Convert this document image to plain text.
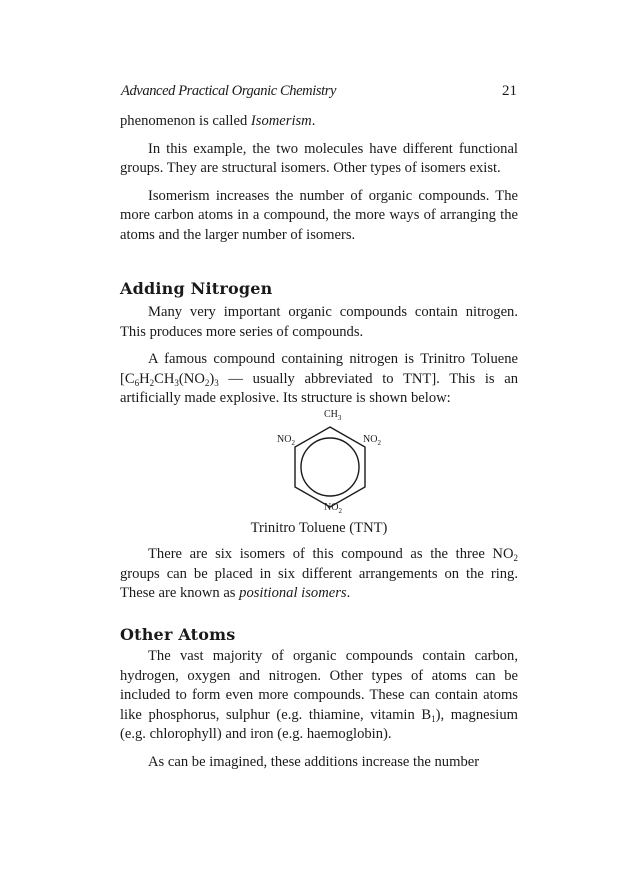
Advanced Practical Organic Chemistry	21

phenomenon is called Isomerism.

In this example, the two molecules have different functional groups. They are structural isomers. Other types of isomers exist.

Isomerism increases the number of organic compounds. The more carbon atoms in a compound, the more ways of arranging the atoms and the larger number of isomers.

Adding Nitrogen

Many very important organic compounds contain nitrogen. This produces more series of compounds.

A famous compound containing nitrogen is Trinitro Toluene [$C_6H_2CH_3(NO_2)_3$ — usually abbreviated to TNT]. This is an artificially made explosive. Its structure is shown below:

$CH_3$
$NO_2$	$NO_2$
$NO_2$
Trinitro Toluene (TNT)

There are six isomers of this compound as the three $NO_2$ groups can be placed in six different arrangements on the ring. These are known as positional isomers.

Other Atoms

The vast majority of organic compounds contain carbon, hydrogen, oxygen and nitrogen. Other types of atoms can be included to form even more compounds. These can contain atoms like phosphorus, sulphur (e.g. thiamine, vitamin $B_1$), magnesium (e.g. chlorophyll) and iron (e.g. haemoglobin).

As can be imagined, these additions increase the number
